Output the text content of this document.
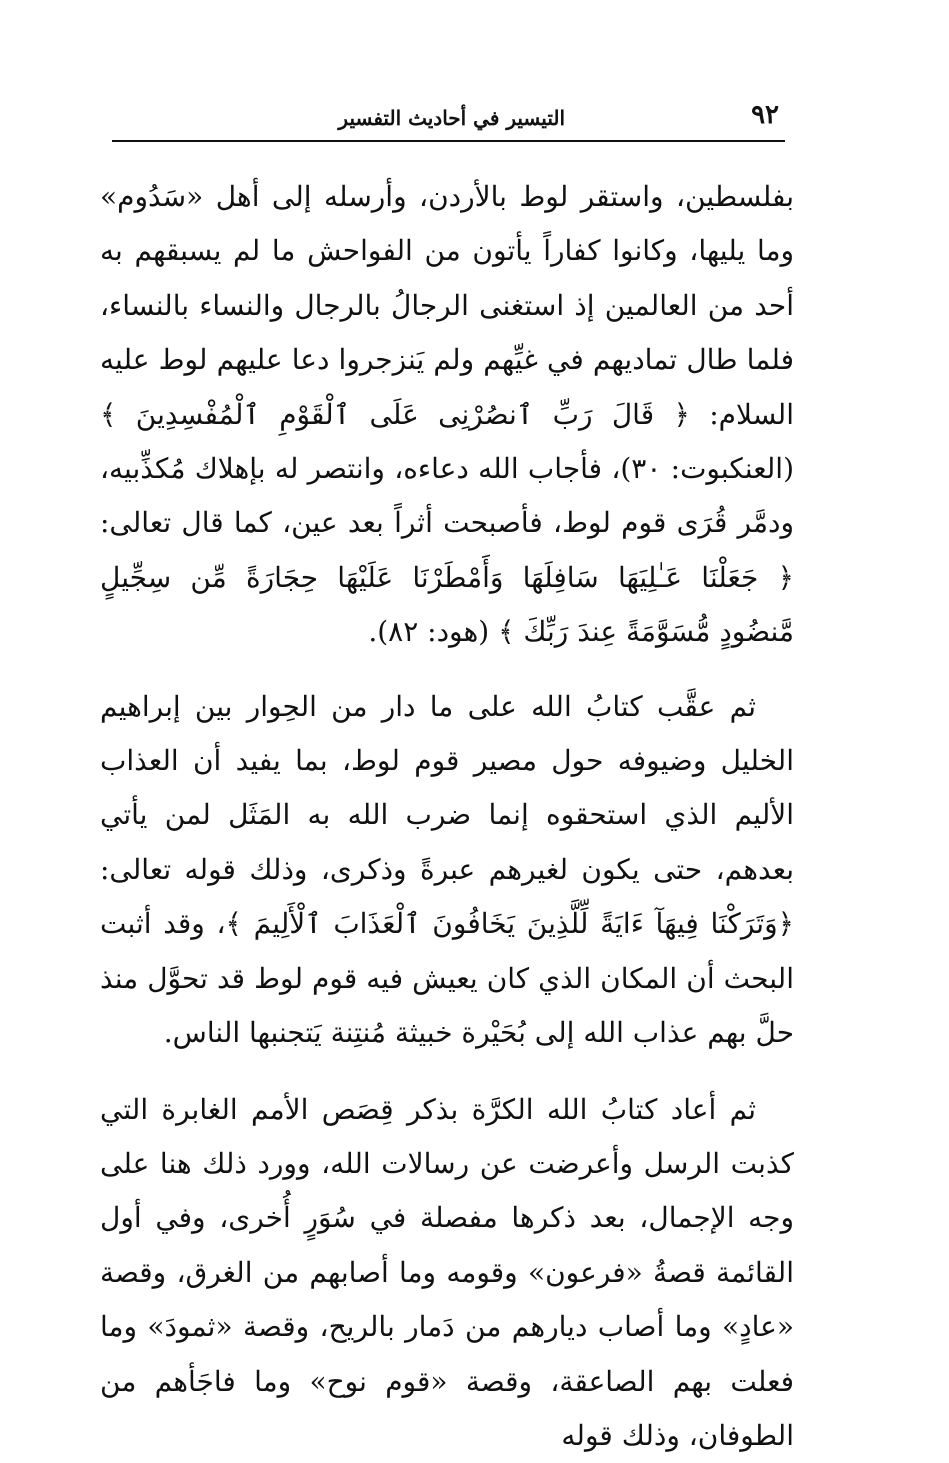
٩٢
التيسير في أحاديث التفسير

بفلسطين، واستقر لوط بالأردن، وأرسله إلى أهل «سَدُوم» وما يليها، وكانوا كفاراً يأتون من الفواحش ما لم يسبقهم به أحد من العالمين إذ استغنى الرجالُ بالرجال والنساء بالنساء، فلما طال تماديهم في غيِّهم ولم يَنزجروا دعا عليهم لوط عليه السلام: ﴿ قَالَ رَبِّ ٱنصُرْنِى عَلَى ٱلْقَوْمِ ٱلْمُفْسِدِينَ ﴾ (العنكبوت: ٣٠)، فأجاب الله دعاءه، وانتصر له بإهلاك مُكذِّبيه، ودمَّر قُرَى قوم لوط، فأصبحت أثراً بعد عين، كما قال تعالى: ﴿ جَعَلْنَا عَـٰلِيَهَا سَافِلَهَا وَأَمْطَرْنَا عَلَيْهَا حِجَارَةً مِّن سِجِّيلٍ مَّنضُودٍ مُّسَوَّمَةً عِندَ رَبِّكَ ﴾ (هود: ٨٢).

ثم عقَّب كتابُ الله على ما دار من الحِوار بين إبراهيم الخليل وضيوفه حول مصير قوم لوط، بما يفيد أن العذاب الأليم الذي استحقوه إنما ضرب الله به المَثَل لمن يأتي بعدهم، حتى يكون لغيرهم عبرةً وذكرى، وذلك قوله تعالى: ﴿وَتَرَكْنَا فِيهَآ ءَايَةً لِّلَّذِينَ يَخَافُونَ ٱلْعَذَابَ ٱلْأَلِيمَ ﴾، وقد أثبت البحث أن المكان الذي كان يعيش فيه قوم لوط قد تحوَّل منذ حلَّ بهم عذاب الله إلى بُحَيْرة خبيثة مُنتِنة يَتجنبها الناس.

ثم أعاد كتابُ الله الكرَّة بذكر قِصَص الأمم الغابرة التي كذبت الرسل وأعرضت عن رسالات الله، وورد ذلك هنا على وجه الإجمال، بعد ذكرها مفصلة في سُوَرٍ أُخرى، وفي أول القائمة قصةُ «فرعون» وقومه وما أصابهم من الغرق، وقصة «عادٍ» وما أصاب ديارهم من دَمار بالريح، وقصة «ثمودَ» وما فعلت بهم الصاعقة، وقصة «قوم نوح» وما فاجَأهم من الطوفان، وذلك قوله
